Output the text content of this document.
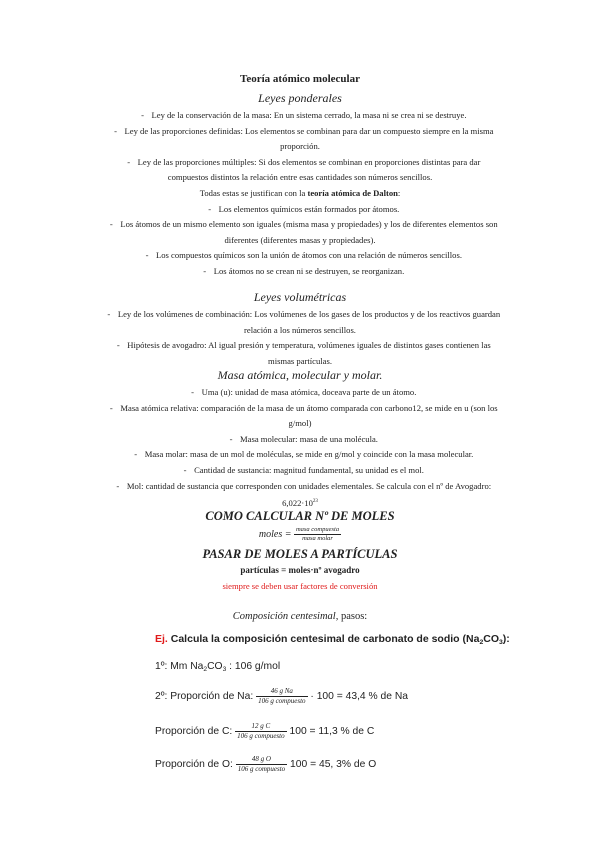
Teoría atómico molecular
Leyes ponderales
- Ley de la conservación de la masa: En un sistema cerrado, la masa ni se crea ni se destruye.
- Ley de las proporciones definidas: Los elementos se combinan para dar un compuesto siempre en la misma
proporción.
- Ley de las proporciones múltiples: Si dos elementos se combinan en proporciones distintas para dar
compuestos distintos la relación entre esas cantidades son números sencillos.
Todas estas se justifican con la teoría atómica de Dalton:
- Los elementos químicos están formados por átomos.
- Los átomos de un mismo elemento son iguales (misma masa y propiedades) y los de diferentes elementos son
diferentes (diferentes masas y propiedades).
- Los compuestos químicos son la unión de átomos con una relación de números sencillos.
- Los átomos no se crean ni se destruyen, se reorganizan.
Leyes volumétricas
- Ley de los volúmenes de combinación: Los volúmenes de los gases de los productos y de los reactivos guardan
relación a los números sencillos.
- Hipótesis de avogadro: Al igual presión y temperatura, volúmenes iguales de distintos gases contienen las
mismas partículas.
Masa atómica, molecular y molar.
- Uma (u): unidad de masa atómica, doceava parte de un átomo.
- Masa atómica relativa: comparación de la masa de un átomo comparada con carbono12, se mide en u (son los
g/mol)
- Masa molecular: masa de una molécula.
- Masa molar: masa de un mol de moléculas, se mide en g/mol y coincide con la masa molecular.
- Cantidad de sustancia: magnitud fundamental, su unidad es el mol.
- Mol: cantidad de sustancia que corresponden con unidades elementales. Se calcula con el nº de Avogadro:
$6,022\cdot 10^{23}$
COMO CALCULAR Nº DE MOLES
moles = $\frac{\text{masa compuesta}}{\text{masa molar}}$
PASAR DE MOLES A PARTÍCULAS
partículas = moles·nº avogadro
siempre se deben usar factores de conversión
Composición centesimal, pasos:
Ej. Calcula la composición centesimal de carbonato de sodio $(Na_2CO_3)$:
1º: Mm $Na_2CO_3$ : 106 g/mol
2º: Proporción de Na: $\frac{\text{46 g Na}}{\text{106 g compuesto}} \cdot 100 = 43,4$ % de Na
Proporción de C: $\frac{\text{12 g C}}{\text{106 g compuesto}} 100 = 11,3$ % de C
Proporción de O: $\frac{\text{48 g O}}{\text{106 g compuesto}} 100 = 45$, 3% de O
